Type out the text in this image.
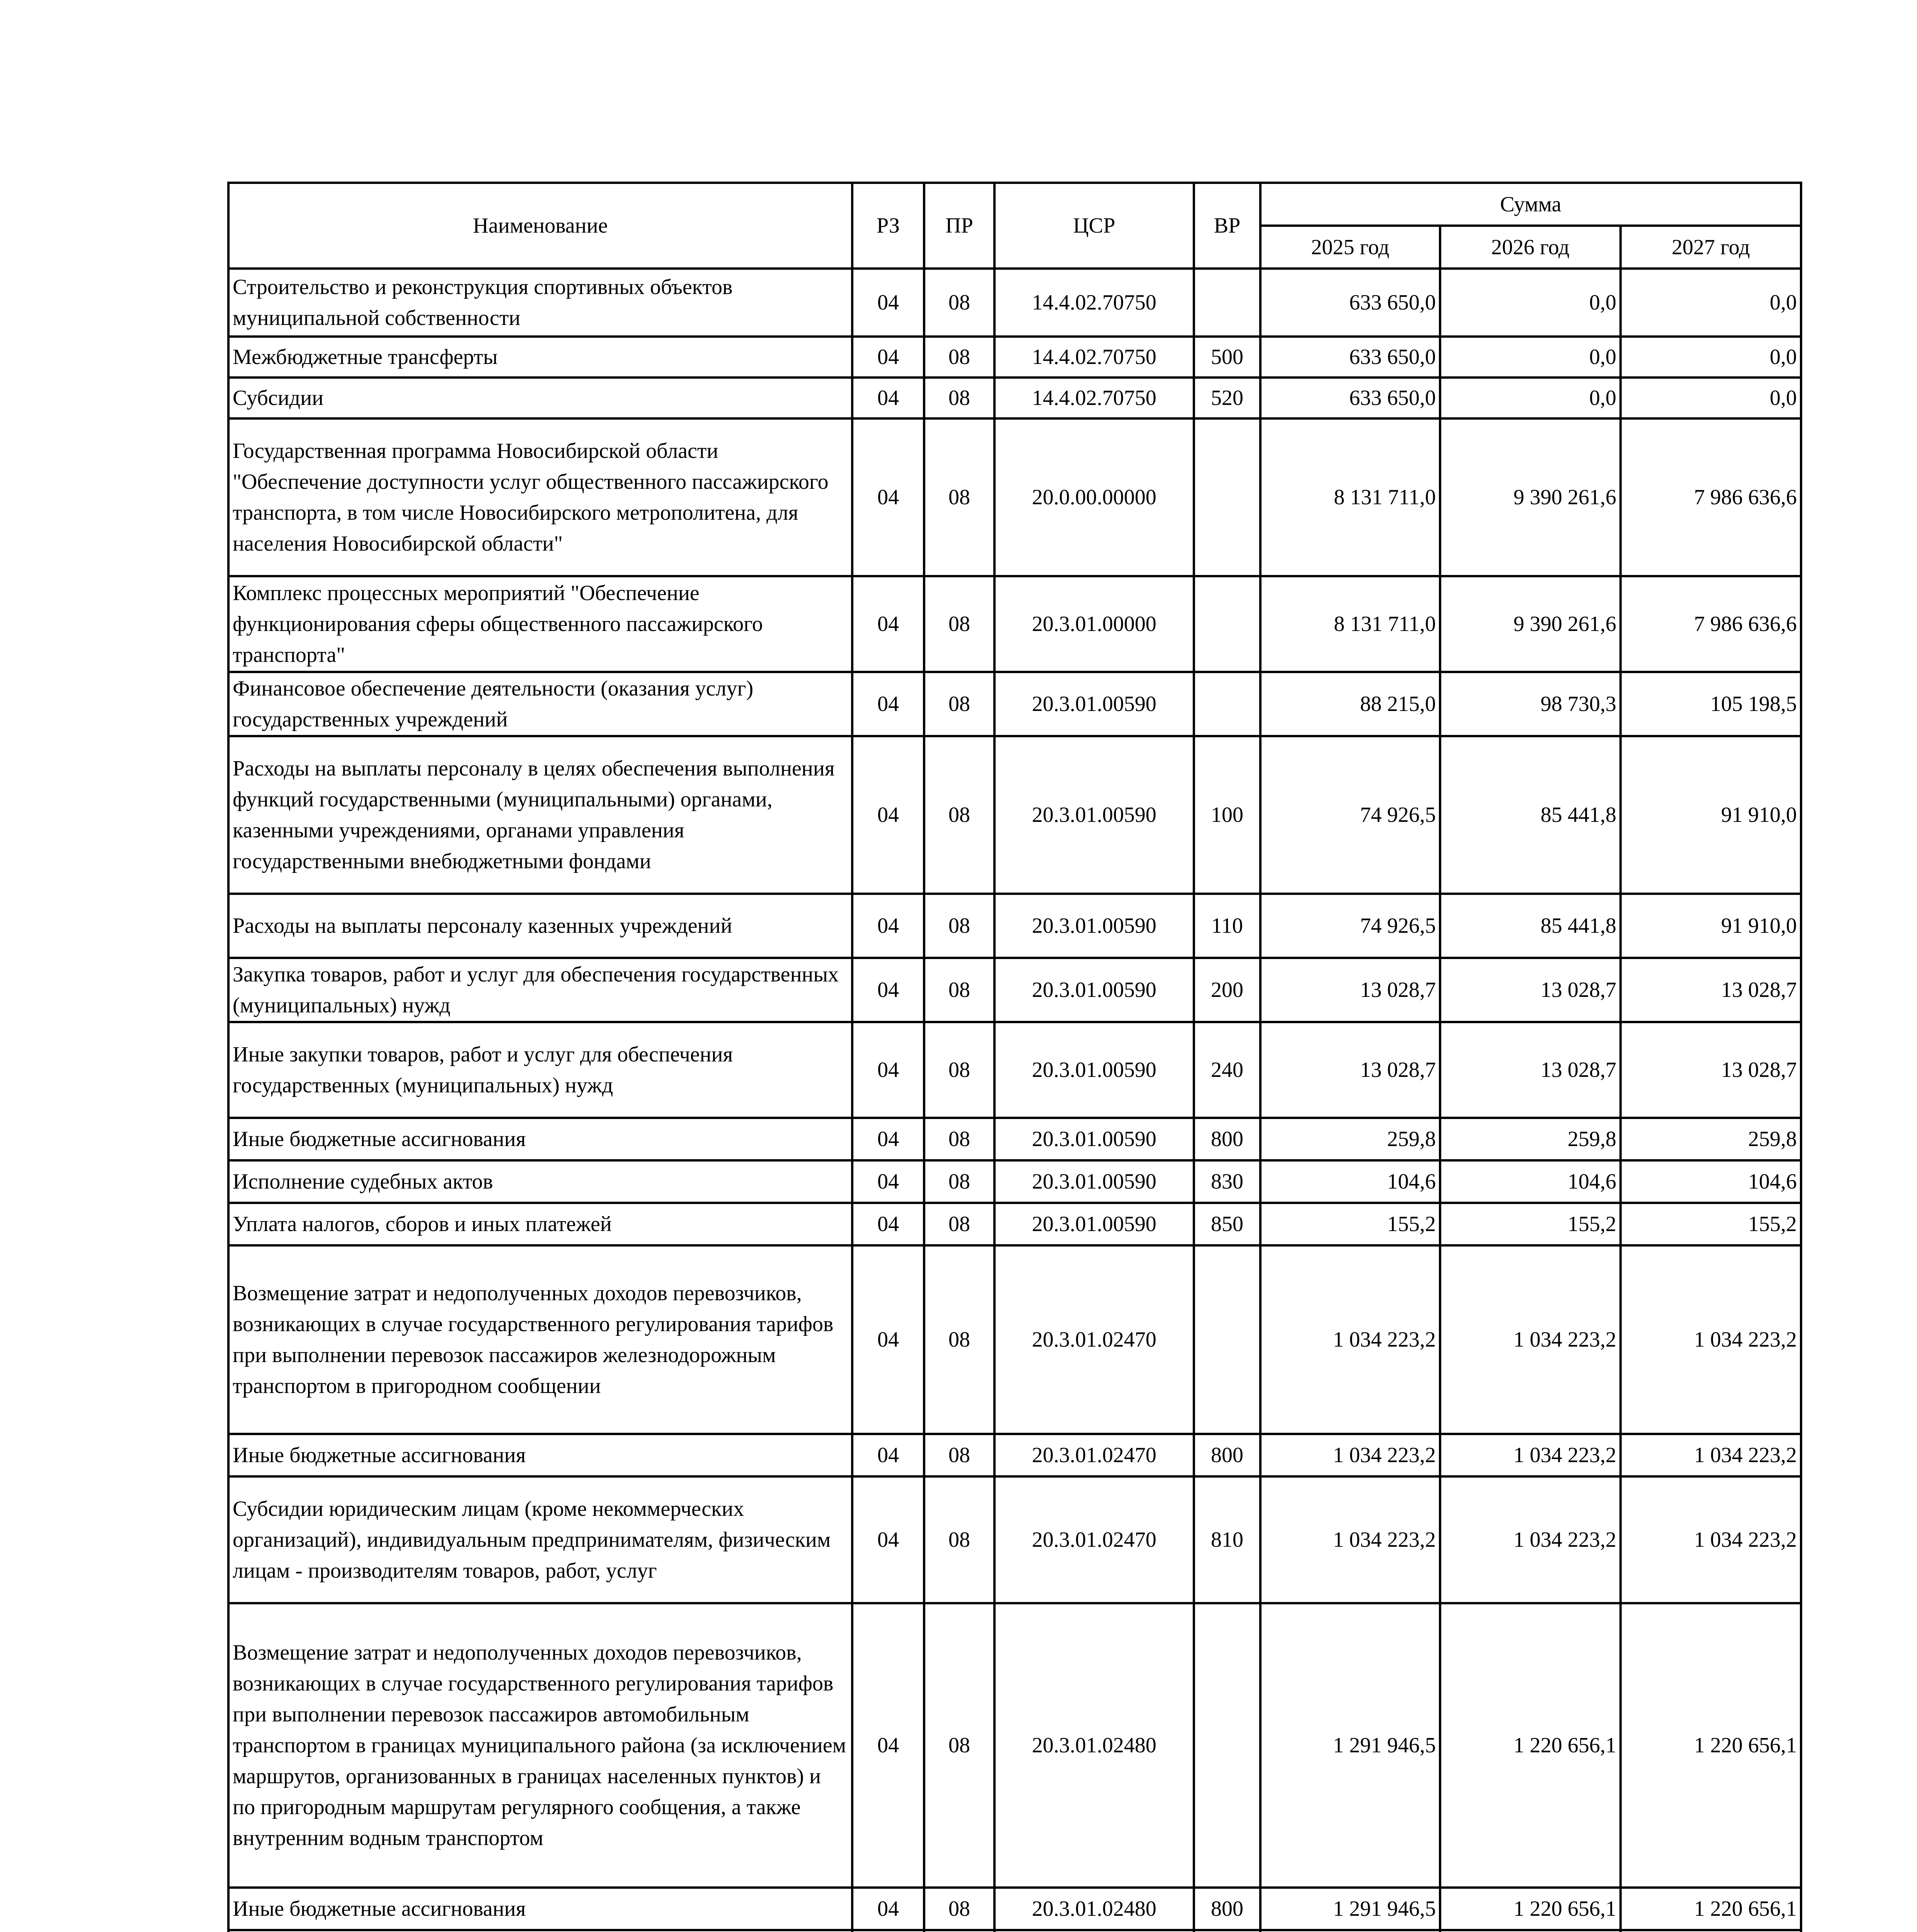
Наименование	РЗ	ПР	ЦСР	ВР	Сумма		
					2025 год	2026 год	2027 год
Строительство и реконструкция спортивных объектов муниципальной собственности	04	08	14.4.02.70750		633 650,0	0,0	0,0
Межбюджетные трансферты	04	08	14.4.02.70750	500	633 650,0	0,0	0,0
Субсидии	04	08	14.4.02.70750	520	633 650,0	0,0	0,0
Государственная программа Новосибирской области "Обеспечение доступности услуг общественного пассажирского транспорта, в том числе Новосибирского метрополитена, для населения Новосибирской области"	04	08	20.0.00.00000		8 131 711,0	9 390 261,6	7 986 636,6
Комплекс процессных мероприятий "Обеспечение функционирования сферы общественного пассажирского транспорта"	04	08	20.3.01.00000		8 131 711,0	9 390 261,6	7 986 636,6
Финансовое обеспечение деятельности (оказания услуг) государственных учреждений	04	08	20.3.01.00590		88 215,0	98 730,3	105 198,5
Расходы на выплаты персоналу в целях обеспечения выполнения функций государственными (муниципальными) органами, казенными учреждениями, органами управления государственными внебюджетными фондами	04	08	20.3.01.00590	100	74 926,5	85 441,8	91 910,0
Расходы на выплаты персоналу казенных учреждений	04	08	20.3.01.00590	110	74 926,5	85 441,8	91 910,0
Закупка товаров, работ и услуг для обеспечения государственных (муниципальных) нужд	04	08	20.3.01.00590	200	13 028,7	13 028,7	13 028,7
Иные закупки товаров, работ и услуг для обеспечения государственных (муниципальных) нужд	04	08	20.3.01.00590	240	13 028,7	13 028,7	13 028,7
Иные бюджетные ассигнования	04	08	20.3.01.00590	800	259,8	259,8	259,8
Исполнение судебных актов	04	08	20.3.01.00590	830	104,6	104,6	104,6
Уплата налогов, сборов и иных платежей	04	08	20.3.01.00590	850	155,2	155,2	155,2
Возмещение затрат и недополученных доходов перевозчиков, возникающих в случае государственного регулирования тарифов при выполнении перевозок пассажиров железнодорожным транспортом в пригородном сообщении	04	08	20.3.01.02470		1 034 223,2	1 034 223,2	1 034 223,2
Иные бюджетные ассигнования	04	08	20.3.01.02470	800	1 034 223,2	1 034 223,2	1 034 223,2
Субсидии юридическим лицам (кроме некоммерческих организаций), индивидуальным предпринимателям, физическим лицам - производителям товаров, работ, услуг	04	08	20.3.01.02470	810	1 034 223,2	1 034 223,2	1 034 223,2
Возмещение затрат и недополученных доходов перевозчиков, возникающих в случае государственного регулирования тарифов при выполнении перевозок пассажиров автомобильным транспортом в границах муниципального района (за исключением маршрутов, организованных в границах населенных пунктов) и по пригородным маршрутам регулярного сообщения, а также внутренним водным транспортом	04	08	20.3.01.02480		1 291 946,5	1 220 656,1	1 220 656,1
Иные бюджетные ассигнования	04	08	20.3.01.02480	800	1 291 946,5	1 220 656,1	1 220 656,1
